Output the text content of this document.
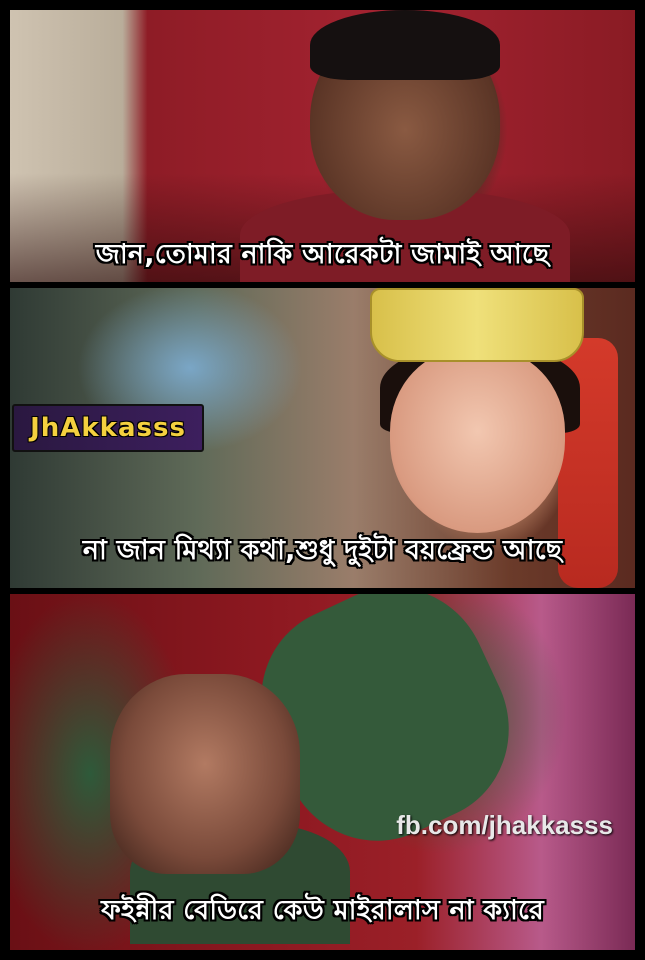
জান,তোমার নাকি আরেকটা জামাই আছে
JhAkkasss
না জান মিথ্যা কথা,শুধু দুইটা বয়ফ্রেন্ড আছে
fb.com/jhakkasss
ফইন্নীর বেডিরে কেউ মাইরালাস না ক্যারে
